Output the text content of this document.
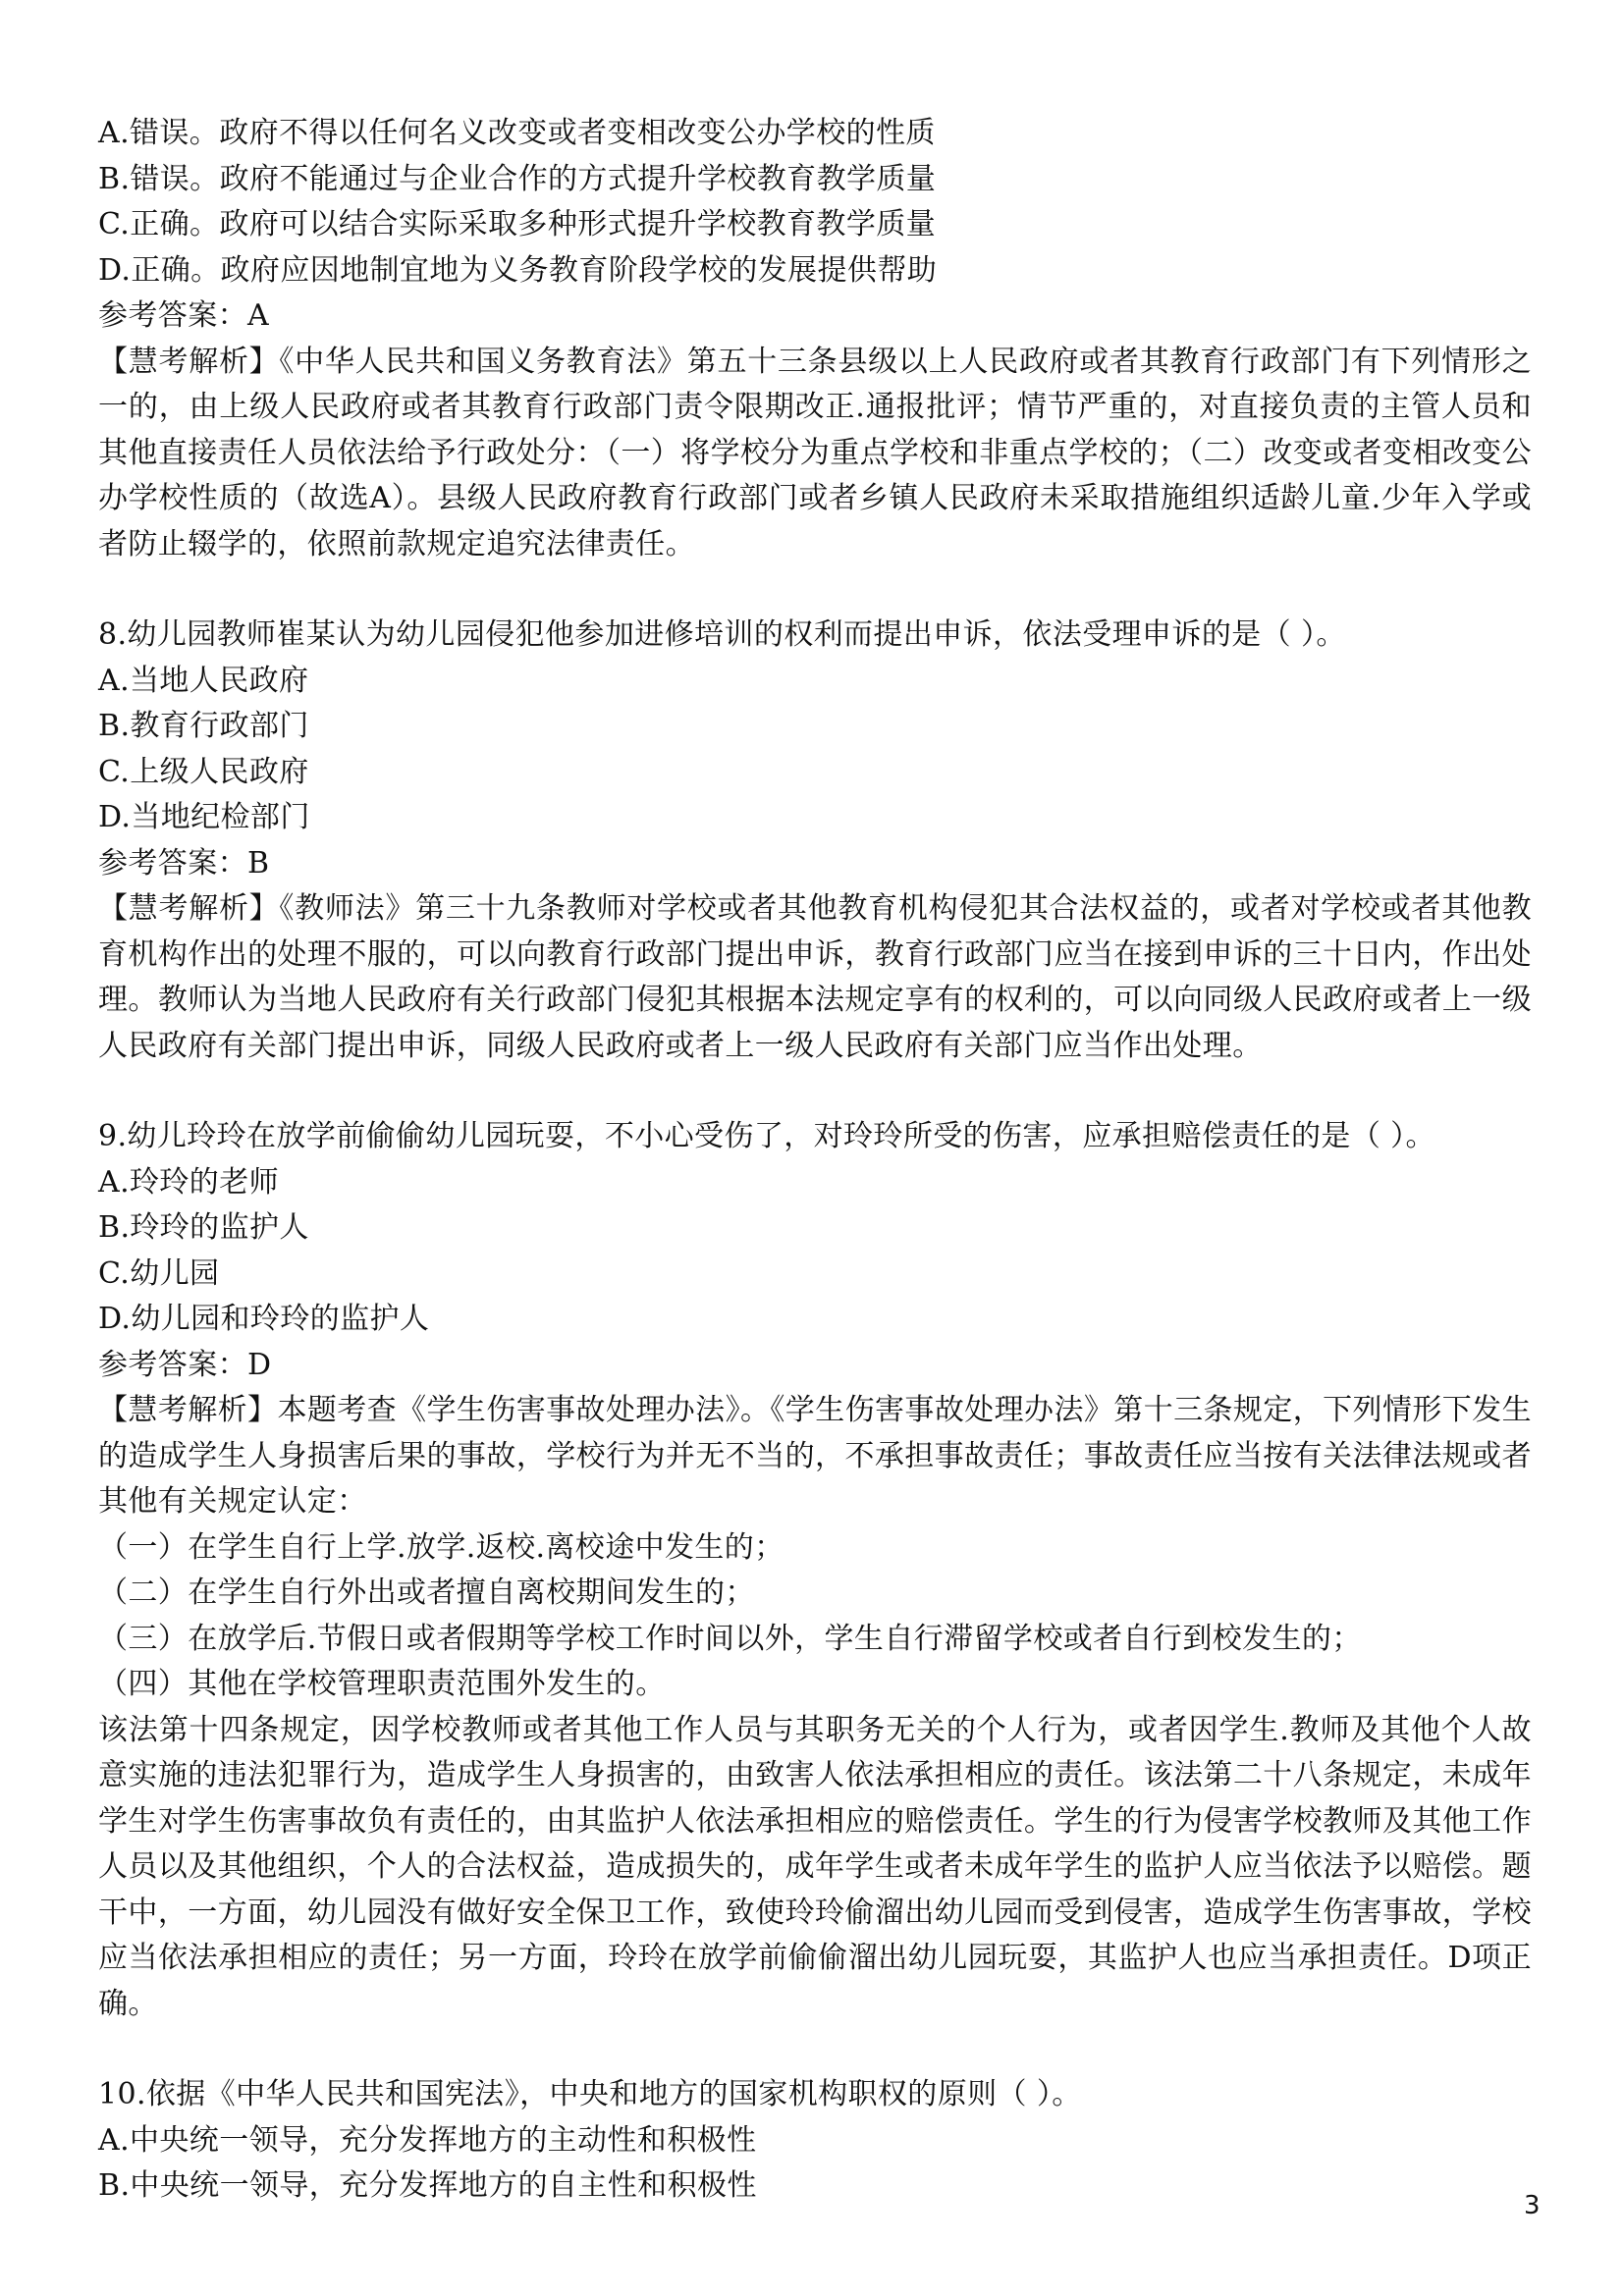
A.错误。政府不得以任何名义改变或者变相改变公办学校的性质
B.错误。政府不能通过与企业合作的方式提升学校教育教学质量
C.正确。政府可以结合实际采取多种形式提升学校教育教学质量
D.正确。政府应因地制宜地为义务教育阶段学校的发展提供帮助
参考答案：A
【慧考解析】《中华人民共和国义务教育法》第五十三条县级以上人民政府或者其教育行政部门有下列情形之一的，由上级人民政府或者其教育行政部门责令限期改正.通报批评；情节严重的，对直接负责的主管人员和其他直接责任人员依法给予行政处分：（一）将学校分为重点学校和非重点学校的；（二）改变或者变相改变公办学校性质的（故选A）。县级人民政府教育行政部门或者乡镇人民政府未采取措施组织适龄儿童.少年入学或者防止辍学的，依照前款规定追究法律责任。
8.幼儿园教师崔某认为幼儿园侵犯他参加进修培训的权利而提出申诉，依法受理申诉的是（ ）。
A.当地人民政府
B.教育行政部门
C.上级人民政府
D.当地纪检部门
参考答案：B
【慧考解析】《教师法》第三十九条教师对学校或者其他教育机构侵犯其合法权益的，或者对学校或者其他教育机构作出的处理不服的，可以向教育行政部门提出申诉，教育行政部门应当在接到申诉的三十日内，作出处理。教师认为当地人民政府有关行政部门侵犯其根据本法规定享有的权利的，可以向同级人民政府或者上一级人民政府有关部门提出申诉，同级人民政府或者上一级人民政府有关部门应当作出处理。
9.幼儿玲玲在放学前偷偷幼儿园玩耍，不小心受伤了，对玲玲所受的伤害，应承担赔偿责任的是（ ）。
A.玲玲的老师
B.玲玲的监护人
C.幼儿园
D.幼儿园和玲玲的监护人
参考答案：D
【慧考解析】本题考查《学生伤害事故处理办法》。《学生伤害事故处理办法》第十三条规定，下列情形下发生的造成学生人身损害后果的事故，学校行为并无不当的，不承担事故责任；事故责任应当按有关法律法规或者其他有关规定认定：
（一）在学生自行上学.放学.返校.离校途中发生的；
（二）在学生自行外出或者擅自离校期间发生的；
（三）在放学后.节假日或者假期等学校工作时间以外，学生自行滞留学校或者自行到校发生的；
（四）其他在学校管理职责范围外发生的。
该法第十四条规定，因学校教师或者其他工作人员与其职务无关的个人行为，或者因学生.教师及其他个人故意实施的违法犯罪行为，造成学生人身损害的，由致害人依法承担相应的责任。该法第二十八条规定，未成年学生对学生伤害事故负有责任的，由其监护人依法承担相应的赔偿责任。学生的行为侵害学校教师及其他工作人员以及其他组织，个人的合法权益，造成损失的，成年学生或者未成年学生的监护人应当依法予以赔偿。题干中，一方面，幼儿园没有做好安全保卫工作，致使玲玲偷溜出幼儿园而受到侵害，造成学生伤害事故，学校应当依法承担相应的责任；另一方面，玲玲在放学前偷偷溜出幼儿园玩耍，其监护人也应当承担责任。D项正确。
10.依据《中华人民共和国宪法》，中央和地方的国家机构职权的原则（ ）。
A.中央统一领导，充分发挥地方的主动性和积极性
B.中央统一领导，充分发挥地方的自主性和积极性
3
